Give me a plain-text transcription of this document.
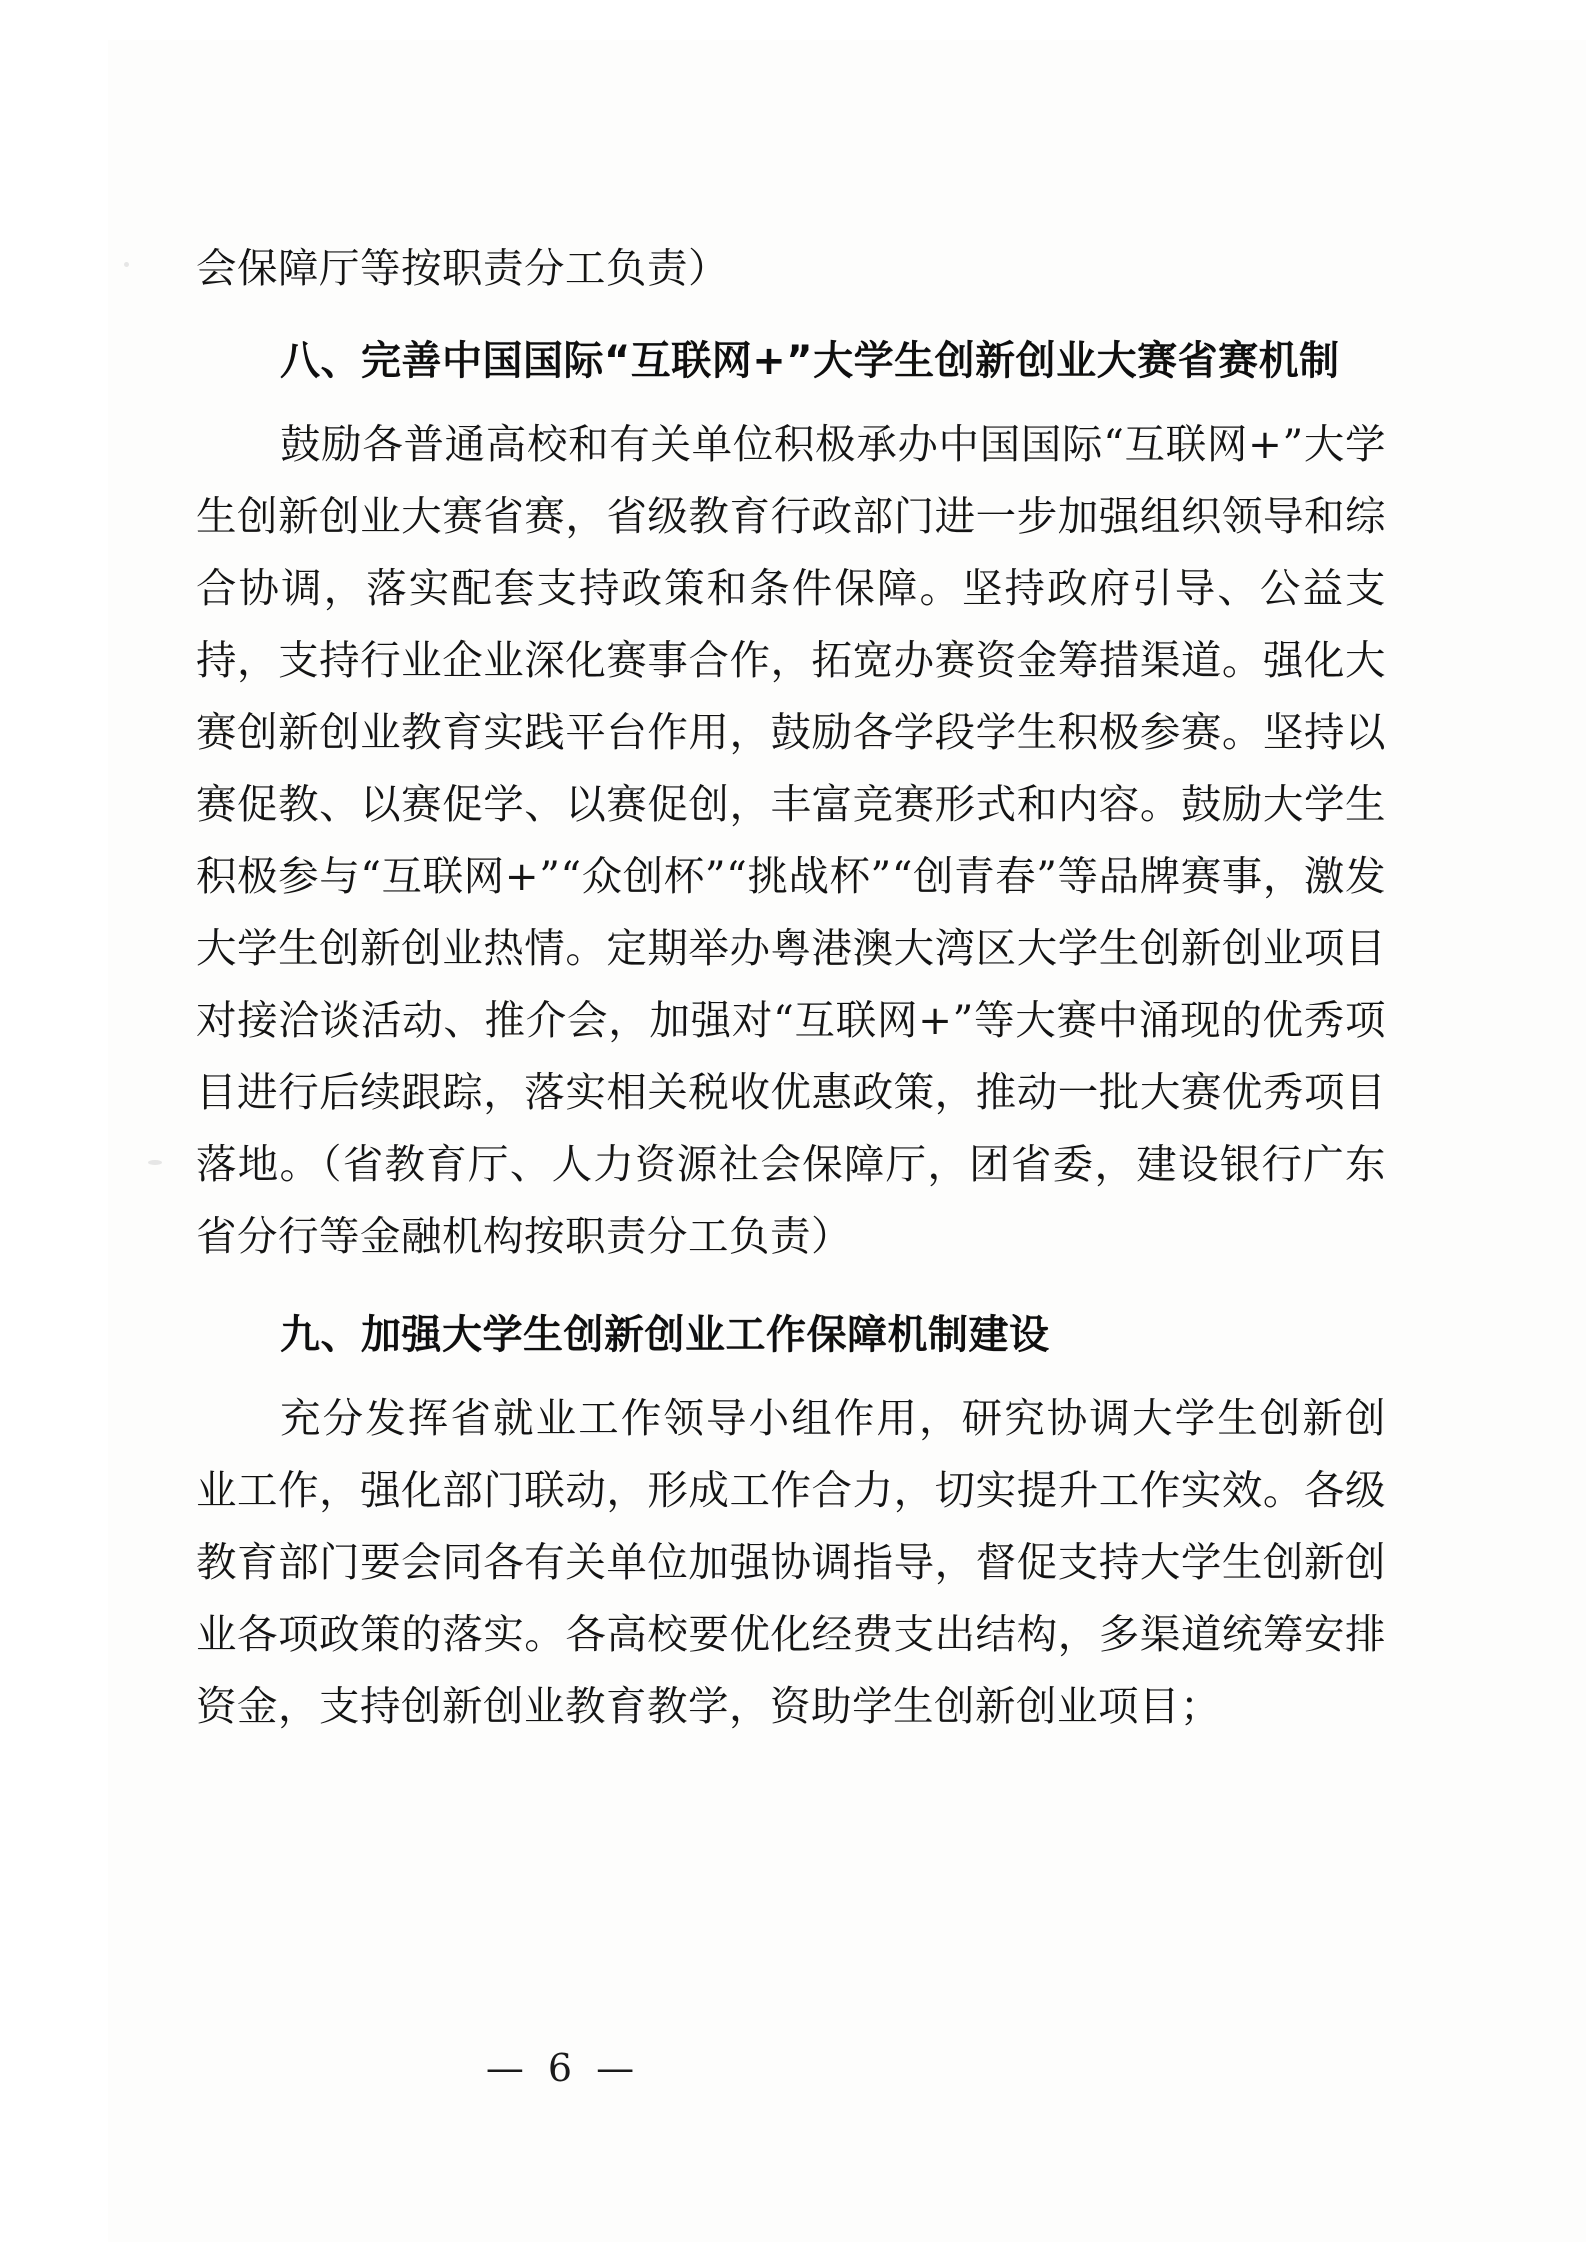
会保障厅等按职责分工负责）

八、完善中国国际“互联网+”大学生创新创业大赛省赛机制

鼓励各普通高校和有关单位积极承办中国国际“互联网+”大学生创新创业大赛省赛，省级教育行政部门进一步加强组织领导和综合协调，落实配套支持政策和条件保障。坚持政府引导、公益支持，支持行业企业深化赛事合作，拓宽办赛资金筹措渠道。强化大赛创新创业教育实践平台作用，鼓励各学段学生积极参赛。坚持以赛促教、以赛促学、以赛促创，丰富竞赛形式和内容。鼓励大学生积极参与“互联网+”“众创杯”“挑战杯”“创青春”等品牌赛事，激发大学生创新创业热情。定期举办粤港澳大湾区大学生创新创业项目对接洽谈活动、推介会，加强对“互联网+”等大赛中涌现的优秀项目进行后续跟踪，落实相关税收优惠政策，推动一批大赛优秀项目落地。（省教育厅、人力资源社会保障厅，团省委，建设银行广东省分行等金融机构按职责分工负责）

九、加强大学生创新创业工作保障机制建设

充分发挥省就业工作领导小组作用，研究协调大学生创新创业工作，强化部门联动，形成工作合力，切实提升工作实效。各级教育部门要会同各有关单位加强协调指导，督促支持大学生创新创业各项政策的落实。各高校要优化经费支出结构，多渠道统筹安排资金，支持创新创业教育教学，资助学生创新创业项目；

— 6 —
